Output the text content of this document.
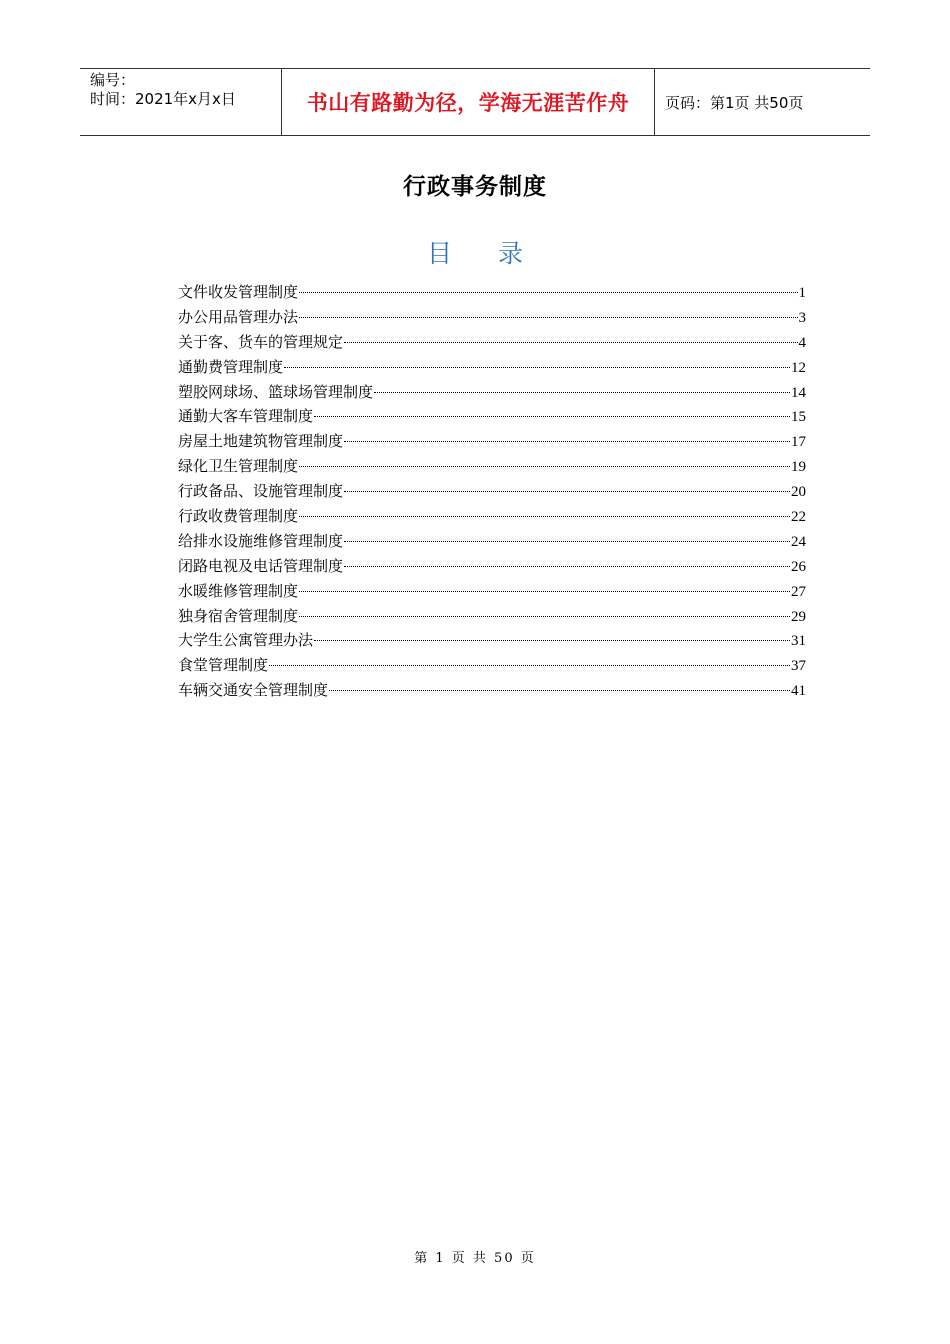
编号：
时间：2021年x月x日	书山有路勤为径，学海无涯苦作舟	页码：第1页 共50页
行政事务制度
目录
文件收发管理制度	1
办公用品管理办法	3
关于客、货车的管理规定	4
通勤费管理制度	12
塑胶网球场、篮球场管理制度	14
通勤大客车管理制度	15
房屋土地建筑物管理制度	17
绿化卫生管理制度	19
行政备品、设施管理制度	20
行政收费管理制度	22
给排水设施维修管理制度	24
闭路电视及电话管理制度	26
水暖维修管理制度	27
独身宿舍管理制度	29
大学生公寓管理办法	31
食堂管理制度	37
车辆交通安全管理制度	41
第 1 页 共 50 页
